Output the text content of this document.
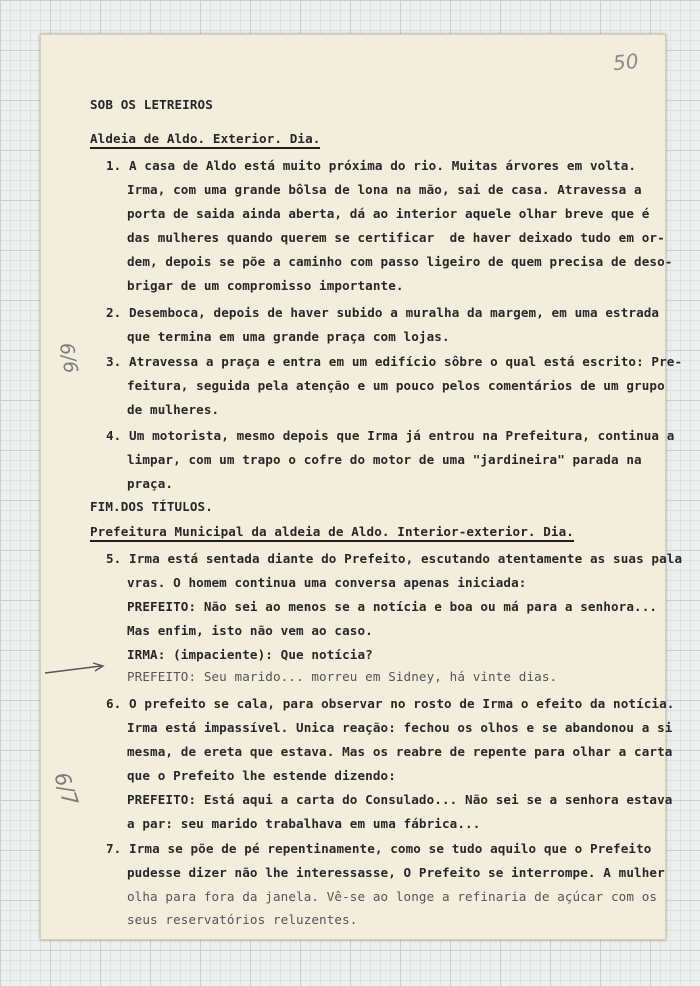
50
6/6
6/7
SOB OS LETREIROS
Aldeia de Aldo. Exterior. Dia.
1. A casa de Aldo está muito próxima do rio. Muitas árvores em volta.
Irma, com uma grande bôlsa de lona na mão, sai de casa. Atravessa a
porta de saida ainda aberta, dá ao interior aquele olhar breve que é
das mulheres quando querem se certificar  de haver deixado tudo em or-
dem, depois se põe a caminho com passo ligeiro de quem precisa de deso-
brigar de um compromisso importante.
2. Desemboca, depois de haver subido a muralha da margem, em uma estrada
que termina em uma grande praça com lojas.
3. Atravessa a praça e entra em um edifício sôbre o qual está escrito: Pre-
feitura, seguida pela atenção e um pouco pelos comentários de um grupo
de mulheres.
4. Um motorista, mesmo depois que Irma já entrou na Prefeitura, continua a
limpar, com um trapo o cofre do motor de uma "jardineira" parada na
praça.
FIM.DOS TÍTULOS.
Prefeitura Municipal da aldeia de Aldo. Interior-exterior. Dia.
5. Irma está sentada diante do Prefeito, escutando atentamente as suas pala
vras. O homem continua uma conversa apenas iniciada:
PREFEITO: Não sei ao menos se a notícia e boa ou má para a senhora...
Mas enfim, isto não vem ao caso.
IRMA: (impaciente): Que notícia?
PREFEITO: Seu marido... morreu em Sidney, há vinte dias.
6. O prefeito se cala, para observar no rosto de Irma o efeito da notícia.
Irma está impassível. Unica reação: fechou os olhos e se abandonou a si
mesma, de ereta que estava. Mas os reabre de repente para olhar a carta
que o Prefeito lhe estende dizendo:
PREFEITO: Está aqui a carta do Consulado... Não sei se a senhora estava
a par: seu marido trabalhava em uma fábrica...
7. Irma se põe de pé repentinamente, como se tudo aquilo que o Prefeito
pudesse dizer não lhe interessasse, O Prefeito se interrompe. A mulher
olha para fora da janela. Vê-se ao longe a refinaria de açúcar com os
seus reservatórios reluzentes.
